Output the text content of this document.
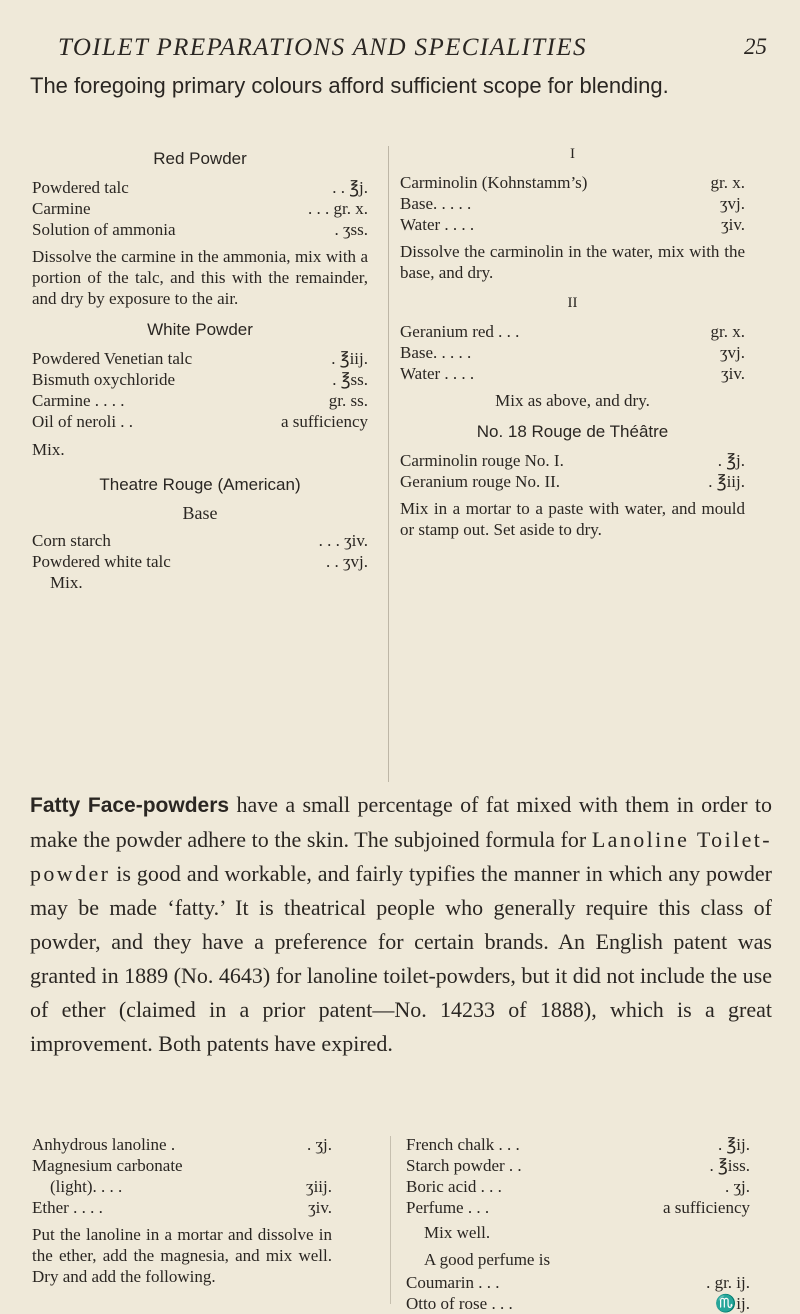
TOILET PREPARATIONS AND SPECIALITIES	25
The foregoing primary colours afford sufficient scope for blending.
Red Powder
Powdered talc	. . ℥j.
Carmine	. . . gr. x.
Solution of ammonia	. ʒss.
Dissolve the carmine in the ammonia, mix with a portion of the talc, and this with the remainder, and dry by exposure to the air.
White Powder
Powdered Venetian talc	. ℥iij.
Bismuth oxychloride	. ℥ss.
Carmine . . . .	gr. ss.
Oil of neroli . .	a sufficiency
Mix.
Theatre Rouge (American)
Base
Corn starch	. . . ʒiv.
Powdered white talc	. . ʒvj.
Mix.
I
Carminolin (Kohnstamm’s)	gr. x.
Base. . . . .	ʒvj.
Water . . . .	ʒiv.
Dissolve the carminolin in the water, mix with the base, and dry.
II
Geranium red . . .	gr. x.
Base. . . . .	ʒvj.
Water . . . .	ʒiv.
Mix as above, and dry.
No. 18 Rouge de Théâtre
Carminolin rouge No. I.	. ℥j.
Geranium rouge No. II.	. ℥iij.
Mix in a mortar to a paste with water, and mould or stamp out. Set aside to dry.
Fatty Face-powders have a small percentage of fat mixed with them in order to make the powder adhere to the skin. The subjoined formula for Lanoline Toilet-powder is good and workable, and fairly typifies the manner in which any powder may be made ‘fatty.’ It is theatrical people who generally require this class of powder, and they have a preference for certain brands. An English patent was granted in 1889 (No. 4643) for lanoline toilet-powders, but it did not include the use of ether (claimed in a prior patent—No. 14233 of 1888), which is a great improvement. Both patents have expired.
Anhydrous lanoline .	. ʒj.
Magnesium carbonate
(light). . . .	ʒiij.
Ether . . . .	ʒiv.
Put the lanoline in a mortar and dissolve in the ether, add the magnesia, and mix well. Dry and add the following.
French chalk . . .	. ℥ij.
Starch powder . .	. ℥iss.
Boric acid . . .	. ʒj.
Perfume . . .	a sufficiency
Mix well.
A good perfume is
Coumarin . . .	. gr. ij.
Otto of rose . . .	♏ij.
